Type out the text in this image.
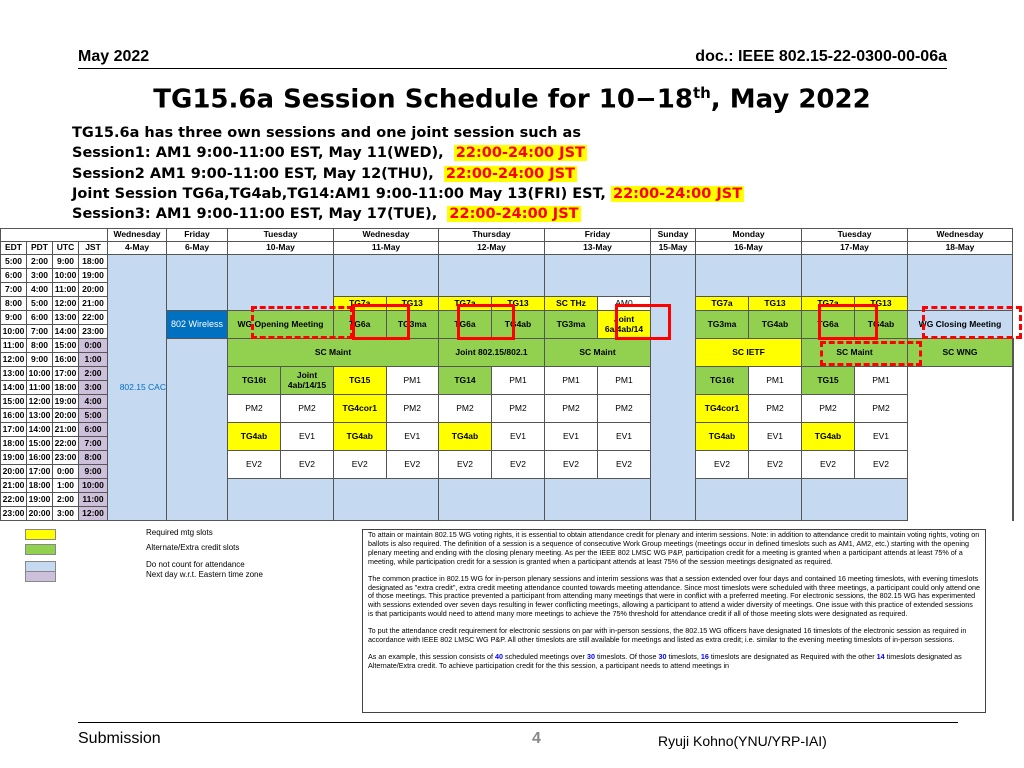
May 2022	doc.: IEEE 802.15-22-0300-00-06a
TG15.6a Session Schedule for 10−18th, May 2022
TG15.6a has three own sessions and one joint session such as
Session1: AM1 9:00-11:00 EST, May 11(WED), 22:00-24:00 JST
Session2 AM1 9:00-11:00 EST, May 12(THU), 22:00-24:00 JST
Joint Session TG6a,TG4ab,TG14:AM1 9:00-11:00 May 13(FRI) EST, 22:00-24:00 JST
Session3: AM1 9:00-11:00 EST, May 17(TUE), 22:00-24:00 JST
				Wednesday	Friday	Tuesday		Wednesday		Thursday		Friday		Sunday	Monday		Tuesday		Wednesday	
EDT	PDT	UTC	JST	4-May	6-May	10-May		11-May		12-May		13-May		15-May	16-May		17-May		18-May	
5:00	2:00	9:00	18:00	802.15 CAC																
6:00	3:00	10:00	19:00																	
7:00	4:00	11:00	20:00																	
8:00	5:00	12:00	21:00					TG7a	TG13	TG7a	TG13	SC THz	AM0		TG7a	TG13	TG7a	TG13		
9:00	6:00	13:00	22:00		802 Wireless	WG Opening Meeting		TG6a	TG3ma	TG6a	TG4ab	TG3ma	Joint 6a/4ab/14		TG3ma	TG4ab	TG6a	TG4ab	WG Closing Meeting	
10:00	7:00	14:00	23:00																	
11:00	8:00	15:00	0:00			SC Maint				Joint 802.15/802.1		SC Maint			SC IETF		SC Maint		SC WNG	
12:00	9:00	16:00	1:00																	
13:00	10:00	17:00	2:00			TG16t	Joint 4ab/14/15	TG15	PM1	TG14	PM1	PM1	PM1		TG16t	PM1	TG15	PM1		
14:00	11:00	18:00	3:00																	
15:00	12:00	19:00	4:00			PM2	PM2	TG4cor1	PM2	PM2	PM2	PM2	PM2		TG4cor1	PM2	PM2	PM2		
16:00	13:00	20:00	5:00																	
17:00	14:00	21:00	6:00			TG4ab	EV1	TG4ab	EV1	TG4ab	EV1	EV1	EV1		TG4ab	EV1	TG4ab	EV1		
18:00	15:00	22:00	7:00																	
19:00	16:00	23:00	8:00			EV2	EV2	EV2	EV2	EV2	EV2	EV2	EV2		EV2	EV2	EV2	EV2		
20:00	17:00	0:00	9:00																	
21:00	18:00	1:00	10:00																	
22:00	19:00	2:00	11:00																	
23:00	20:00	3:00	12:00																	
Required mtg slots
Alternate/Extra credit slots
Do not count for attendance
Next day w.r.t. Eastern time zone

To attain or maintain 802.15 WG voting rights, it is essential to obtain attendance credit for plenary and interim sessions. Note: in addition to attendance credit to maintain voting rights, voting on ballots is also required. The definition of a session is a sequence of consecutive Work Group meetings (meetings occur in defined timeslots such as AM1, AM2, etc.) starting with the opening plenary meeting and ending with the closing plenary meeting. As per the IEEE 802 LMSC WG P&P, participation credit for a meeting is granted when a participant attends at least 75% of a meeting, while participation credit for a session is granted when a participant attends at least 75% of the session meetings designated as required.

The common practice in 802.15 WG for in-person plenary sessions and interim sessions was that a session extended over four days and contained 16 meeting timeslots, with evening timeslots designated as "extra credit", extra credit meeting attendance counted towards meeting attendance. Since most timeslots were scheduled with three meetings, a participant could only attend one of those meetings. This practice prevented a participant from attending many meetings that were in conflict with a preferred meeting. For electronic sessions, the 802.15 WG has experimented with sessions extended over seven days resulting in fewer conflicting meetings, allowing a participant to attend a wider diversity of meetings. One issue with this practice of extended sessions is that participants would need to attend many more meetings to achieve the 75% threshold for attendance credit if all of those meeting slots were designated as required.

To put the attendance credit requirement for electronic sessions on par with in-person sessions, the 802.15 WG officers have designated 16 timeslots of the electronic session as required in accordance with IEEE 802 LMSC WG P&P. All other timeslots are still available for meetings and listed as extra credit; i.e. similar to the evening meeting timeslots of in-person sessions.

As an example, this session consists of 40 scheduled meetings over 30 timeslots. Of those 30 timeslots, 16 timeslots are designated as Required with the other 14 timeslots designated as Alternate/Extra credit. To achieve participation credit for the this session, a participant needs to attend meetings in

Submission	4	Ryuji Kohno(YNU/YRP-IAI)
